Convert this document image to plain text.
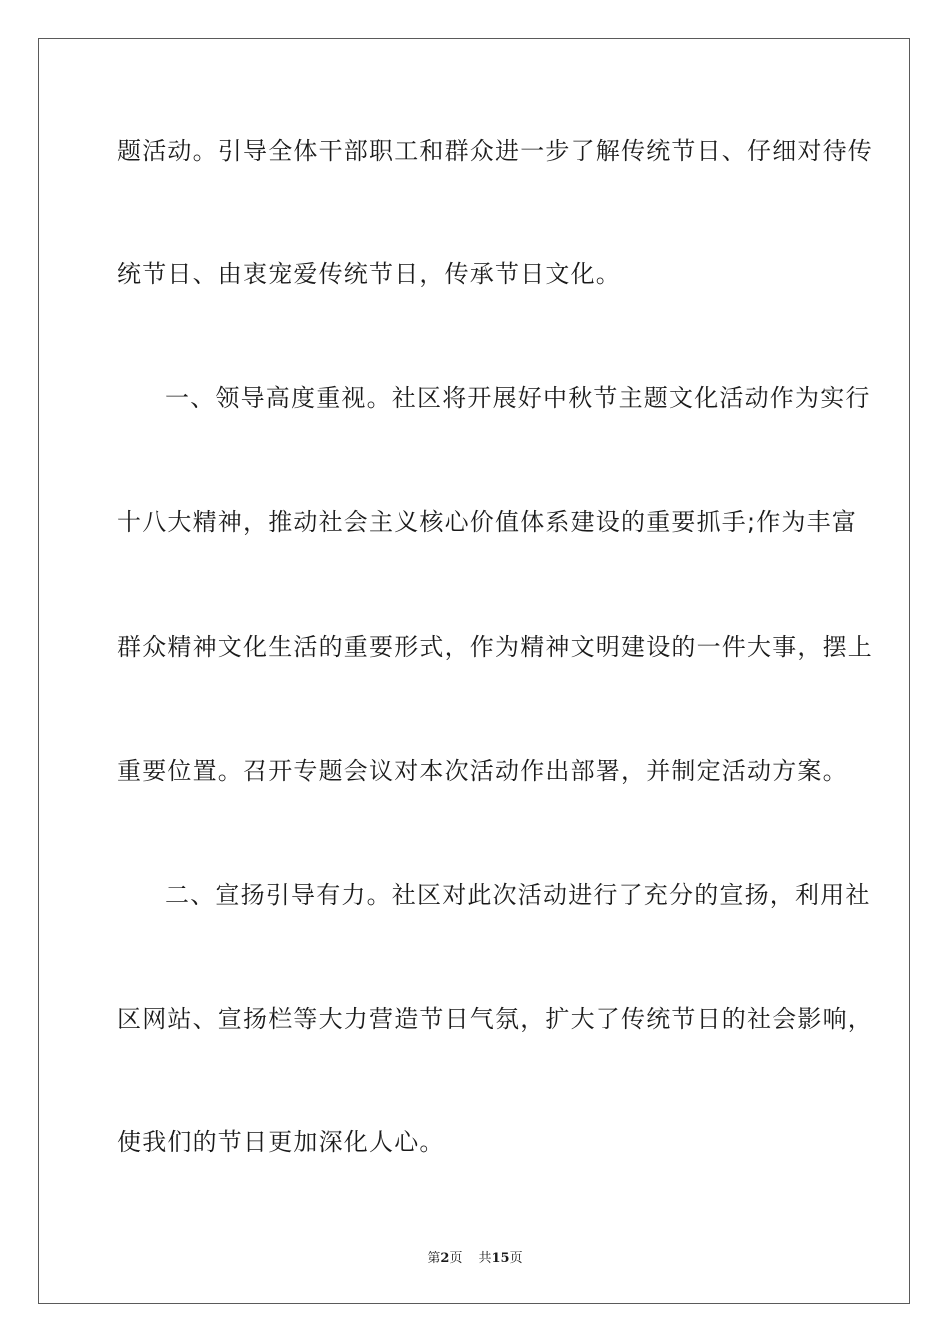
题活动。引导全体干部职工和群众进一步了解传统节日、仔细对待传
统节日、由衷宠爱传统节日，传承节日文化。
一、领导高度重视。社区将开展好中秋节主题文化活动作为实行
十八大精神，推动社会主义核心价值体系建设的重要抓手;作为丰富
群众精神文化生活的重要形式，作为精神文明建设的一件大事，摆上
重要位置。召开专题会议对本次活动作出部署，并制定活动方案。
二、宣扬引导有力。社区对此次活动进行了充分的宣扬，利用社
区网站、宣扬栏等大力营造节日气氛，扩大了传统节日的社会影响，
使我们的节日更加深化人心。
第2页 共15页
